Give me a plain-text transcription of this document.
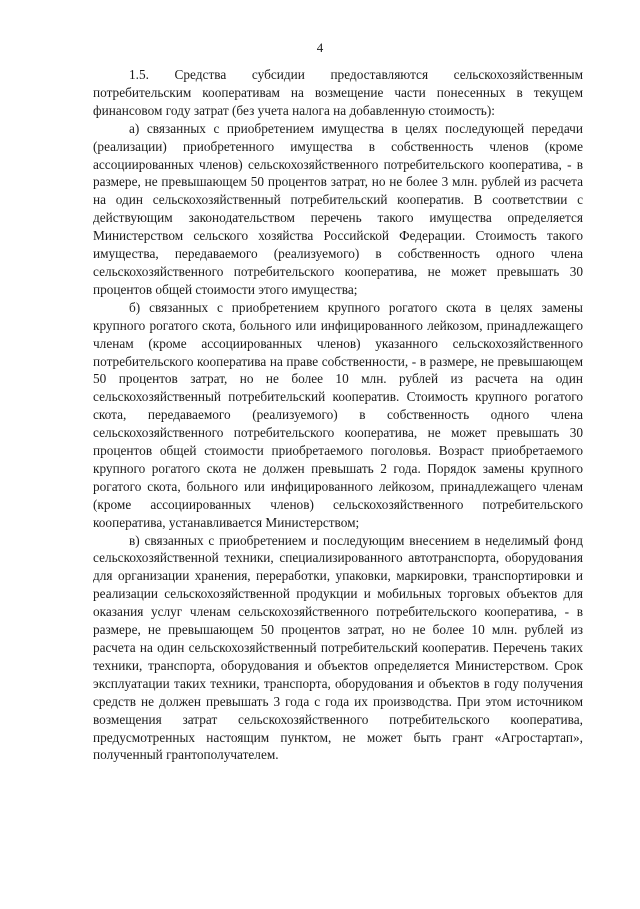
4

1.5. Средства субсидии предоставляются сельскохозяйственным потребительским кооперативам на возмещение части понесенных в текущем финансовом году затрат (без учета налога на добавленную стоимость):

а) связанных с приобретением имущества в целях последующей передачи (реализации) приобретенного имущества в собственность членов (кроме ассоциированных членов) сельскохозяйственного потребительского кооператива, - в размере, не превышающем 50 процентов затрат, но не более 3 млн. рублей из расчета на один сельскохозяйственный потребительский кооператив. В соответствии с действующим законодательством перечень такого имущества определяется Министерством сельского хозяйства Российской Федерации. Стоимость такого имущества, передаваемого (реализуемого) в собственность одного члена сельскохозяйственного потребительского кооператива, не может превышать 30 процентов общей стоимости этого имущества;

б) связанных с приобретением крупного рогатого скота в целях замены крупного рогатого скота, больного или инфицированного лейкозом, принадлежащего членам (кроме ассоциированных членов) указанного сельскохозяйственного потребительского кооператива на праве собственности, - в размере, не превышающем 50 процентов затрат, но не более 10 млн. рублей из расчета на один сельскохозяйственный потребительский кооператив. Стоимость крупного рогатого скота, передаваемого (реализуемого) в собственность одного члена сельскохозяйственного потребительского кооператива, не может превышать 30 процентов общей стоимости приобретаемого поголовья. Возраст приобретаемого крупного рогатого скота не должен превышать 2 года. Порядок замены крупного рогатого скота, больного или инфицированного лейкозом, принадлежащего членам (кроме ассоциированных членов) сельскохозяйственного потребительского кооператива, устанавливается Министерством;

в) связанных с приобретением и последующим внесением в неделимый фонд сельскохозяйственной техники, специализированного автотранспорта, оборудования для организации хранения, переработки, упаковки, маркировки, транспортировки и реализации сельскохозяйственной продукции и мобильных торговых объектов для оказания услуг членам сельскохозяйственного потребительского кооператива, - в размере, не превышающем 50 процентов затрат, но не более 10 млн. рублей из расчета на один сельскохозяйственный потребительский кооператив. Перечень таких техники, транспорта, оборудования и объектов определяется Министерством. Срок эксплуатации таких техники, транспорта, оборудования и объектов в году получения средств не должен превышать 3 года с года их производства. При этом источником возмещения затрат сельскохозяйственного потребительского кооператива, предусмотренных настоящим пунктом, не может быть грант «Агростартап», полученный грантополучателем.
